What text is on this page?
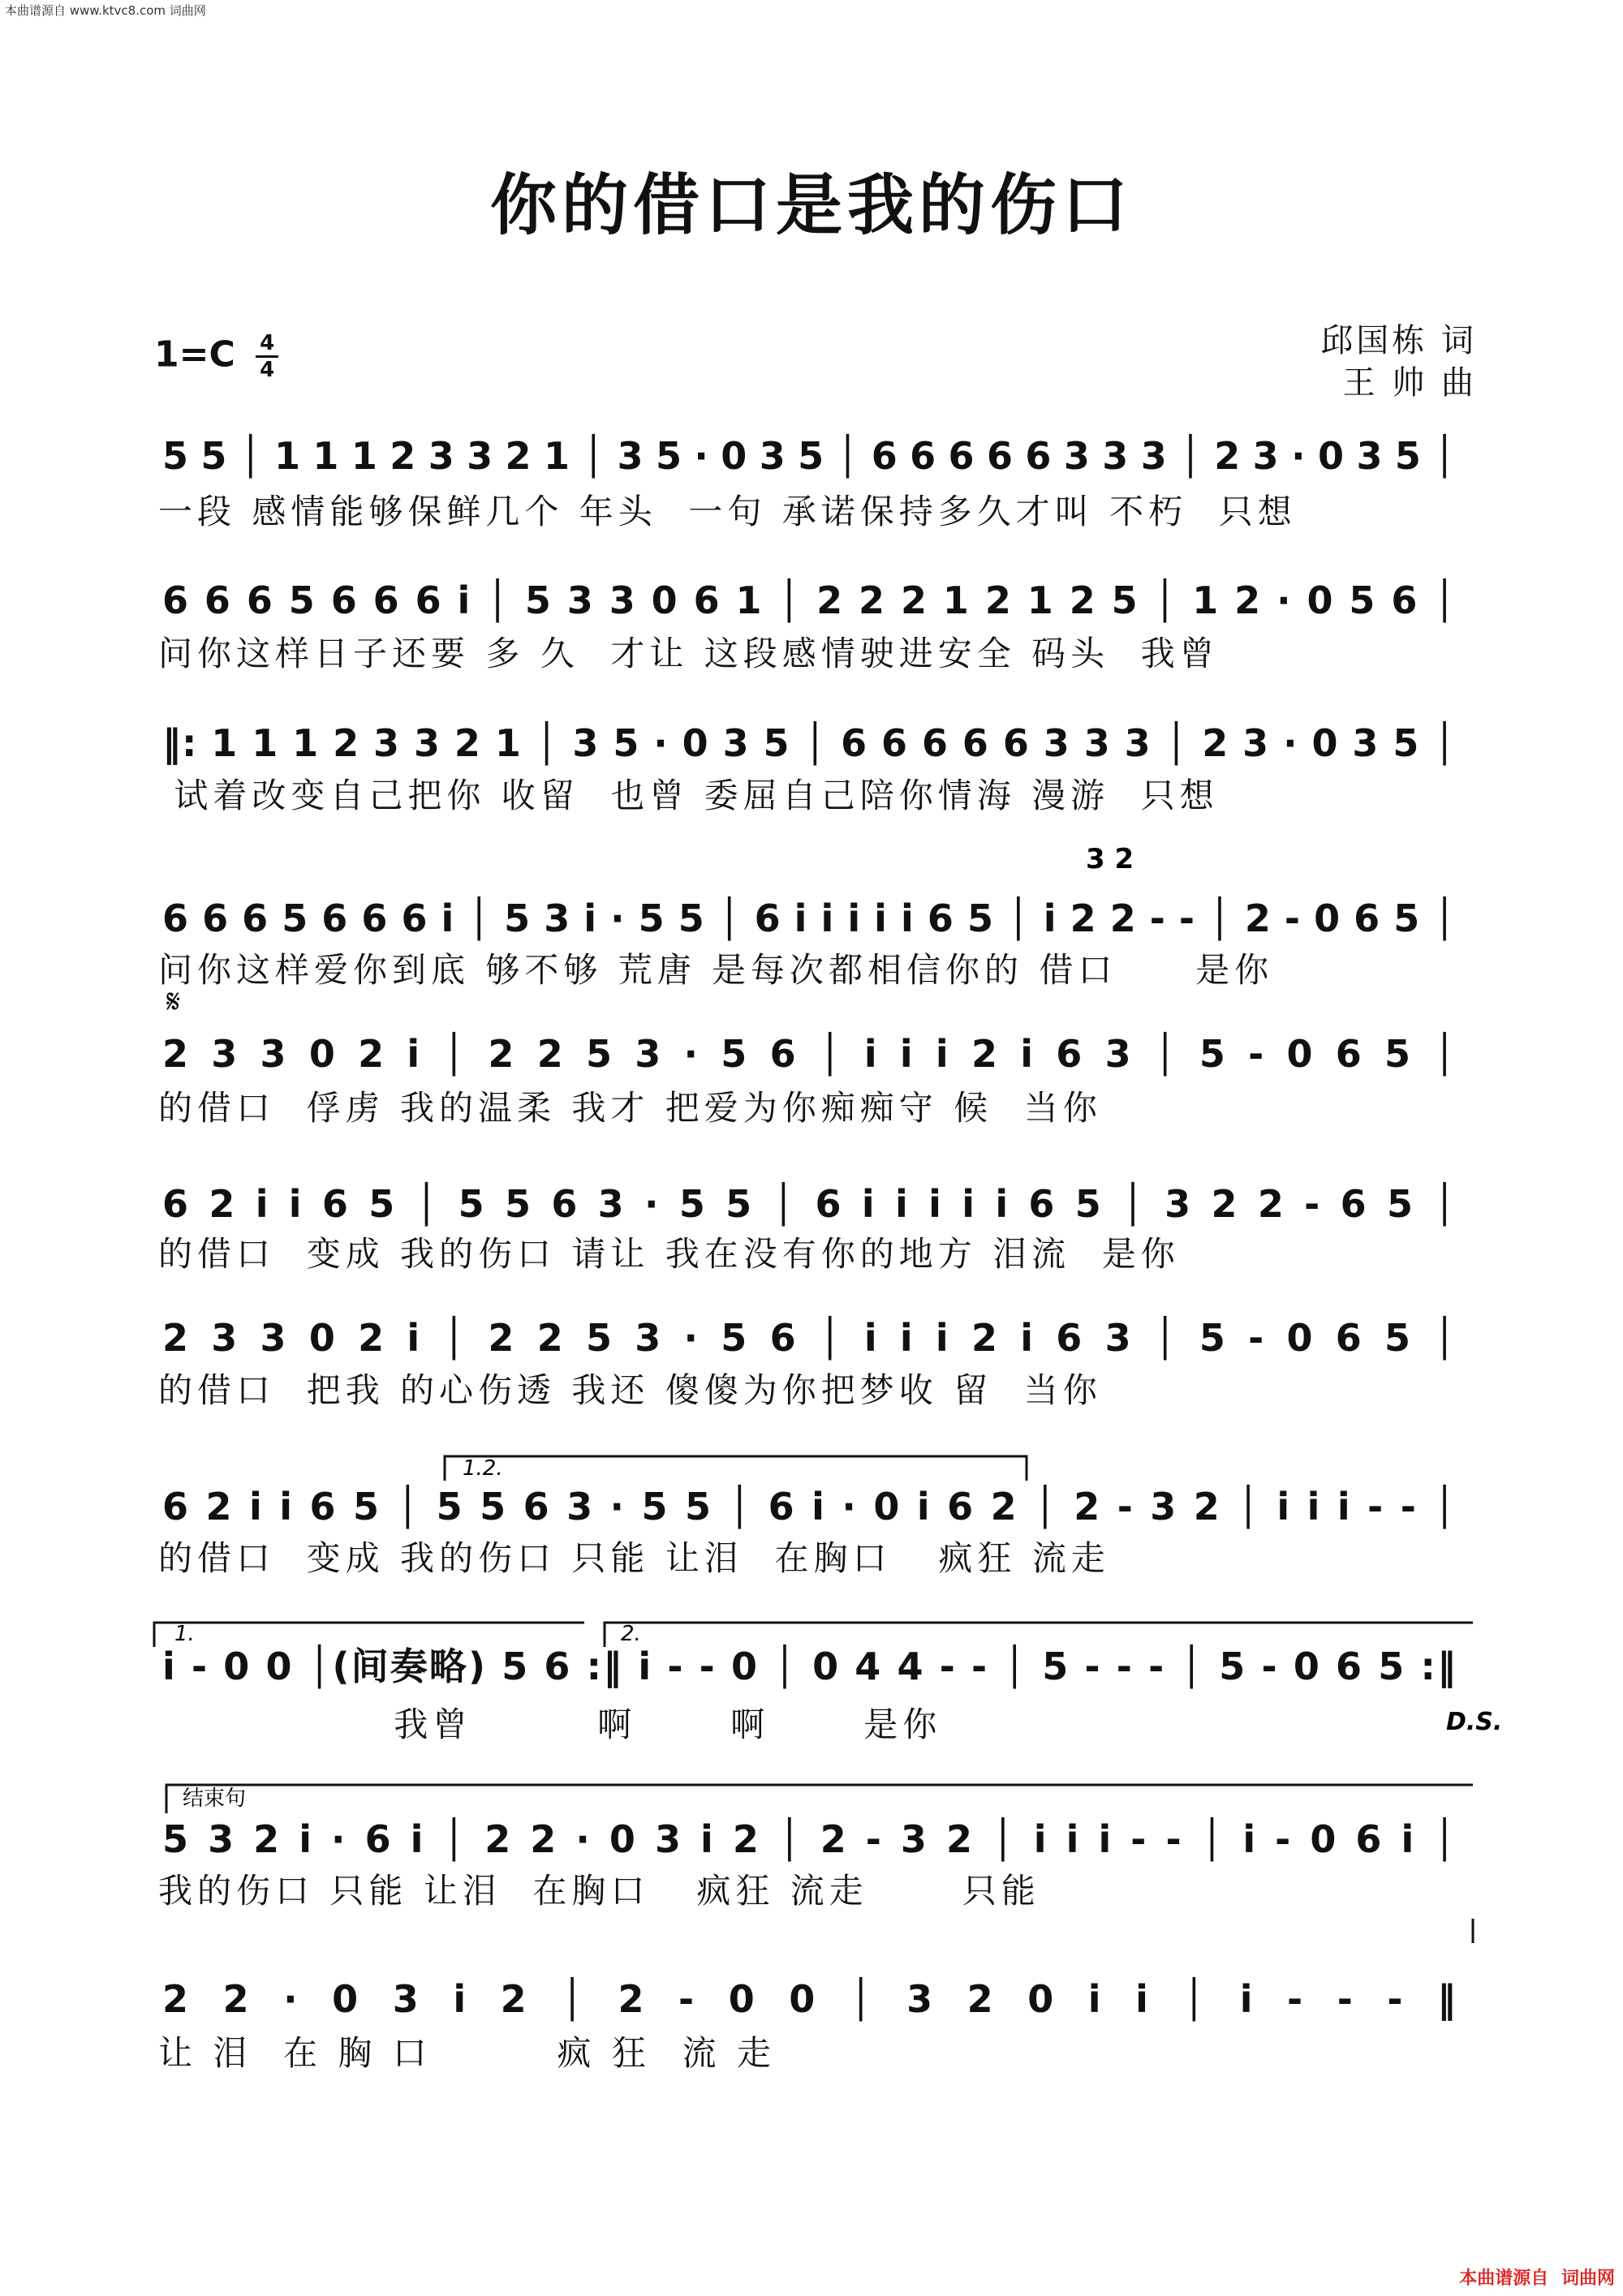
本曲谱源自 www.ktvc8.com 词曲网
你的借口是我的伤口
邱国栋 词
王 帅 曲
$1=C \frac{4}{4}$
5 5 │ 1 1 1 2 3 3 2 1 │ 3 5 · 0 3 5 │ 6 6 6 6 6 3 3 3 │ 2 3 · 0 3 5 │
一段 感情能够保鲜几个 年头  一句 承诺保持多久才叫 不朽  只想
6 6 6 5 6 6 6 i │ 5 3 3 0 6 1 │ 2 2 2 1 2 1 2 5 │ 1 2 · 0 5 6 │
问你这样日子还要 多 久  才让 这段感情驶进安全 码头  我曾
‖: 1 1 1 2 3 3 2 1 │ 3 5 · 0 3 5 │ 6 6 6 6 6 3 3 3 │ 2 3 · 0 3 5 │
试着改变自己把你 收留  也曾 委屈自己陪你情海 漫游  只想
6 6 6 5 6 6 6 i │ 5 3 i · 5 5 │ 6 i i i i i 6 5 │ i 2 2 - - │ 2 - 0 6 5 │
问你这样爱你到底 够不够 荒唐 是每次都相信你的 借口     是你
2 3 3 0 2 i │ 2 2 5 3 · 5 6 │ i i i 2 i 6 3 │ 5 - 0 6 5 │
的借口  俘虏 我的温柔 我才 把爱为你痴痴守 候  当你
6 2 i i 6 5 │ 5 5 6 3 · 5 5 │ 6 i i i i i 6 5 │ 3 2 2 - 6 5 │
的借口  变成 我的伤口 请让 我在没有你的地方 泪流  是你
2 3 3 0 2 i │ 2 2 5 3 · 5 6 │ i i i 2 i 6 3 │ 5 - 0 6 5 │
的借口  把我 的心伤透 我还 傻傻为你把梦收 留  当你
6 2 i i 6 5 │ 5 5 6 3 · 5 5 │ 6 i · 0 i 6 2 │ 2 - 3 2 │ i i i - - │
的借口  变成 我的伤口 只能 让泪  在胸口   疯狂 流走
i - 0 0 │(间奏略) 5 6 :‖ i - - 0 │ 0 4 4 - - │ 5 - - - │ 5 - 0 6 5 :‖
我曾        啊      啊      是你
5 3 2 i · 6 i │ 2 2 · 0 3 i 2 │ 2 - 3 2 │ i i i - - │ i - 0 6 i │
我的伤口 只能 让泪  在胸口   疯狂 流走      只能
2 2 · 0 3 i 2 │ 2 - 0 0 │ 3 2 0 i i │ i - - - ‖
让 泪  在 胸 口        疯 狂  流 走
𝄋
3 2
1.2.
1.	2.
D.S.
结束句
本曲谱源自 词曲网
